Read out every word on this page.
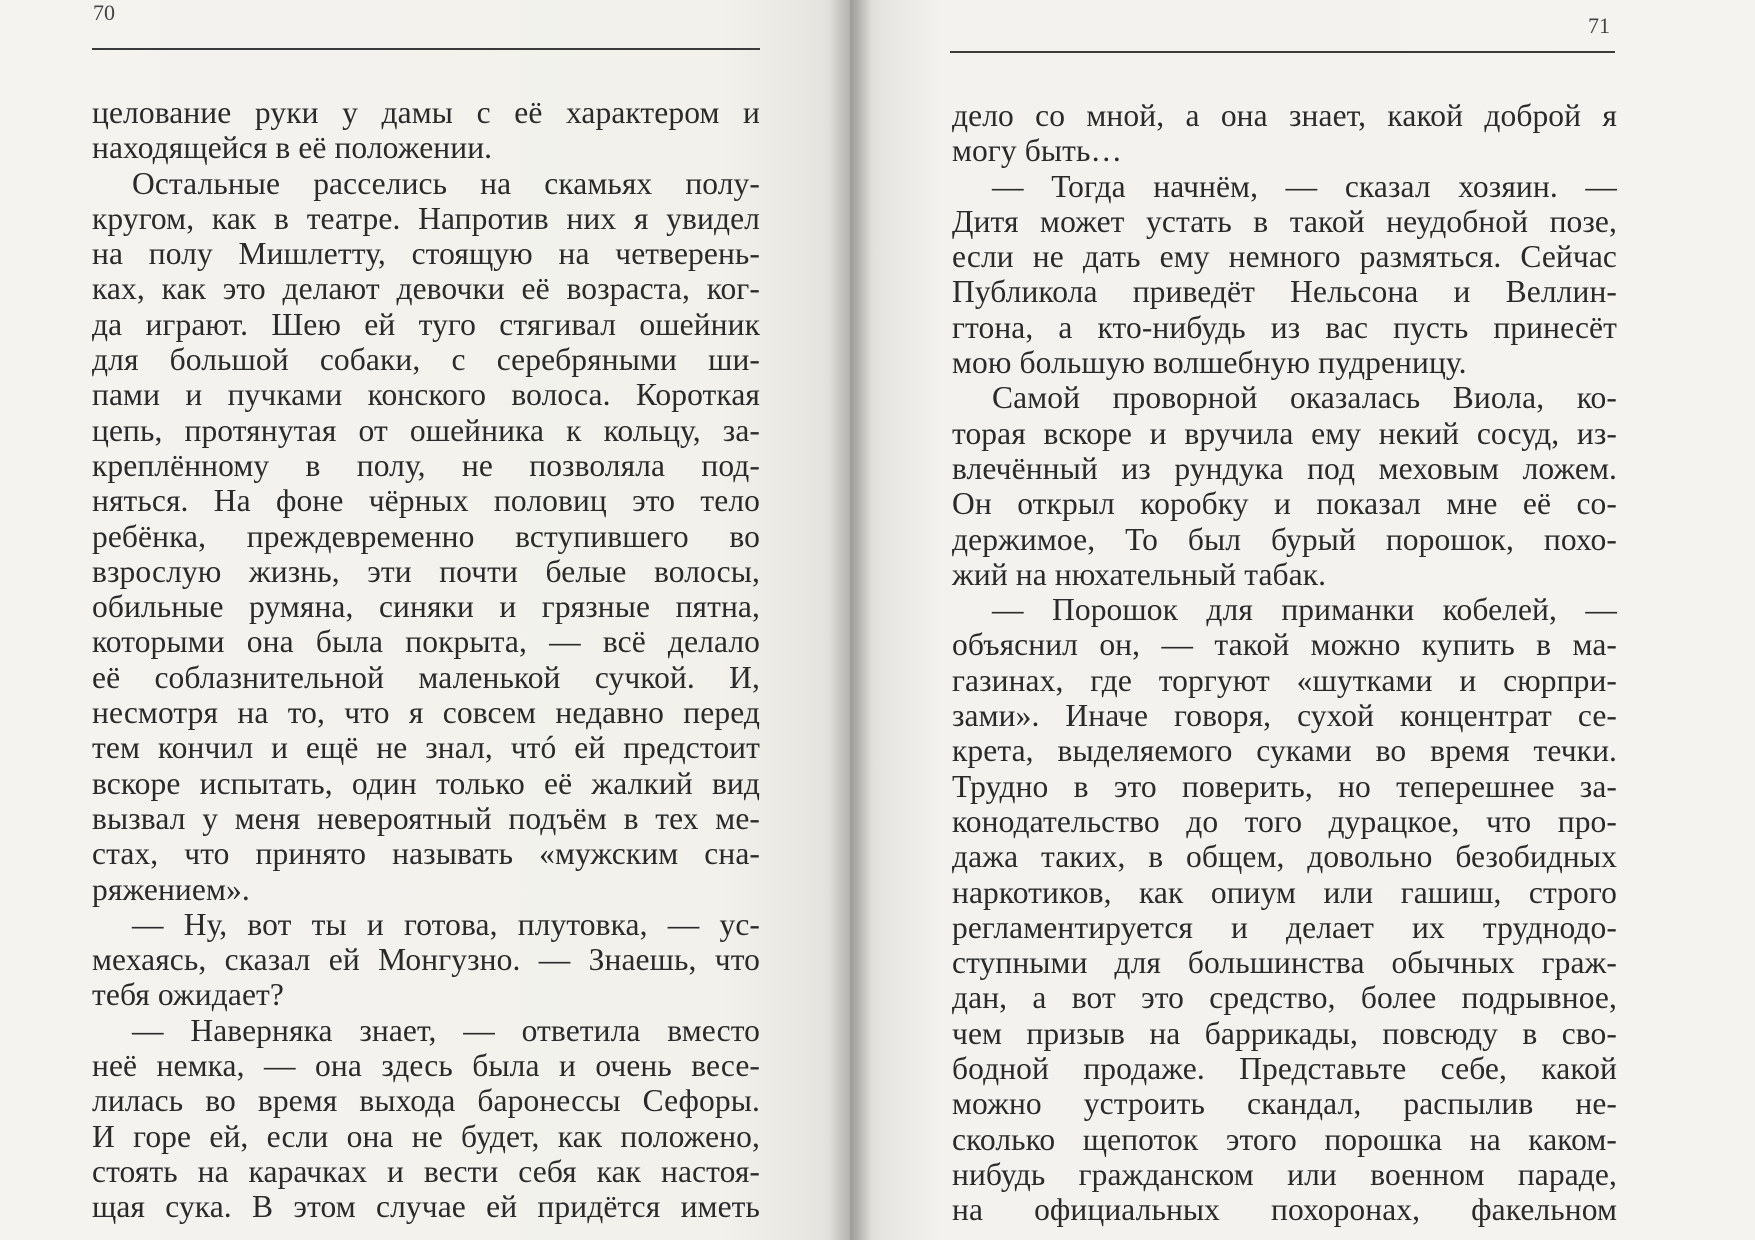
70
целование руки у дамы с её характером и
находящейся в её положении.
Остальные расселись на скамьях полу-
кругом, как в театре. Напротив них я увидел
на полу Мишлетту, стоящую на четверень-
ках, как это делают девочки её возраста, ког-
да играют. Шею ей туго стягивал ошейник
для большой собаки, с серебряными ши-
пами и пучками конского волоса. Короткая
цепь, протянутая от ошейника к кольцу, за-
креплённому в полу, не позволяла под-
няться. На фоне чёрных половиц это тело
ребёнка, преждевременно вступившего во
взрослую жизнь, эти почти белые волосы,
обильные румяна, синяки и грязные пятна,
которыми она была покрыта, — всё делало
её соблазнительной маленькой сучкой. И,
несмотря на то, что я совсем недавно перед
тем кончил и ещё не знал, чтó ей предстоит
вскоре испытать, один только её жалкий вид
вызвал у меня невероятный подъём в тех ме-
стах, что принято называть «мужским сна-
ряжением».
— Ну, вот ты и готова, плутовка, — ус-
мехаясь, сказал ей Монгузно. — Знаешь, что
тебя ожидает?
— Наверняка знает, — ответила вместо
неё немка, — она здесь была и очень весе-
лилась во время выхода баронессы Сефоры.
И горе ей, если она не будет, как положено,
стоять на карачках и вести себя как настоя-
щая сука. В этом случае ей придётся иметь
71
дело со мной, а она знает, какой доброй я
могу быть…
— Тогда начнём, — сказал хозяин. —
Дитя может устать в такой неудобной позе,
если не дать ему немного размяться. Сейчас
Публикола приведёт Нельсона и Веллин-
гтона, а кто-нибудь из вас пусть принесёт
мою большую волшебную пудреницу.
Самой проворной оказалась Виола, ко-
торая вскоре и вручила ему некий сосуд, из-
влечённый из рундука под меховым ложем.
Он открыл коробку и показал мне её со-
держимое, То был бурый порошок, похо-
жий на нюхательный табак.
— Порошок для приманки кобелей, —
объяснил он, — такой можно купить в ма-
газинах, где торгуют «шутками и сюрпри-
зами». Иначе говоря, сухой концентрат се-
крета, выделяемого суками во время течки.
Трудно в это поверить, но теперешнее за-
конодательство до того дурацкое, что про-
дажа таких, в общем, довольно безобидных
наркотиков, как опиум или гашиш, строго
регламентируется и делает их труднодо-
ступными для большинства обычных граж-
дан, а вот это средство, более подрывное,
чем призыв на баррикады, повсюду в сво-
бодной продаже. Представьте себе, какой
можно устроить скандал, распылив не-
сколько щепоток этого порошка на каком-
нибудь гражданском или военном параде,
на официальных похоронах, факельном
